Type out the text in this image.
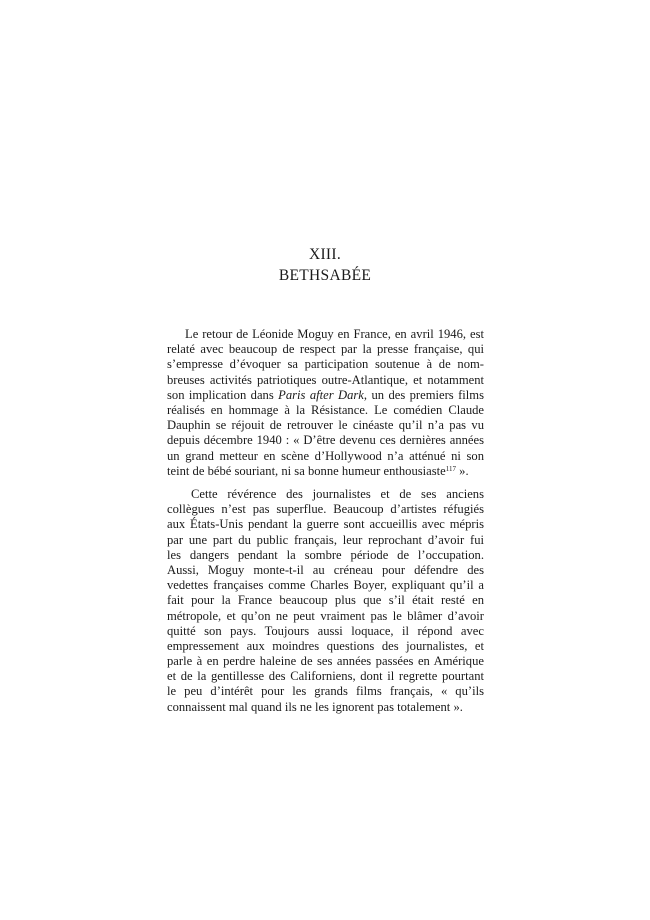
XIII.
BETHSABÉE
Le retour de Léonide Moguy en France, en avril 1946, est
relaté avec beaucoup de respect par la presse française, qui
s’empresse d’évoquer sa participation soutenue à de nom-
breuses activités patriotiques outre-Atlantique, et notamment
son implication dans Paris after Dark, un des premiers films
réalisés en hommage à la Résistance. Le comédien Claude
Dauphin se réjouit de retrouver le cinéaste qu’il n’a pas vu
depuis décembre 1940 : « D’être devenu ces dernières années
un grand metteur en scène d’Hollywood n’a atténué ni son
teint de bébé souriant, ni sa bonne humeur enthousiaste$^{117}$ ».
Cette révérence des journalistes et de ses anciens
collègues n’est pas superflue. Beaucoup d’artistes réfugiés
aux États-Unis pendant la guerre sont accueillis avec mépris
par une part du public français, leur reprochant d’avoir fui
les dangers pendant la sombre période de l’occupation.
Aussi, Moguy monte-t-il au créneau pour défendre des
vedettes françaises comme Charles Boyer, expliquant qu’il a
fait pour la France beaucoup plus que s’il était resté en
métropole, et qu’on ne peut vraiment pas le blâmer d’avoir
quitté son pays. Toujours aussi loquace, il répond avec
empressement aux moindres questions des journalistes, et
parle à en perdre haleine de ses années passées en Amérique
et de la gentillesse des Californiens, dont il regrette pourtant
le peu d’intérêt pour les grands films français, « qu’ils
connaissent mal quand ils ne les ignorent pas totalement ».
